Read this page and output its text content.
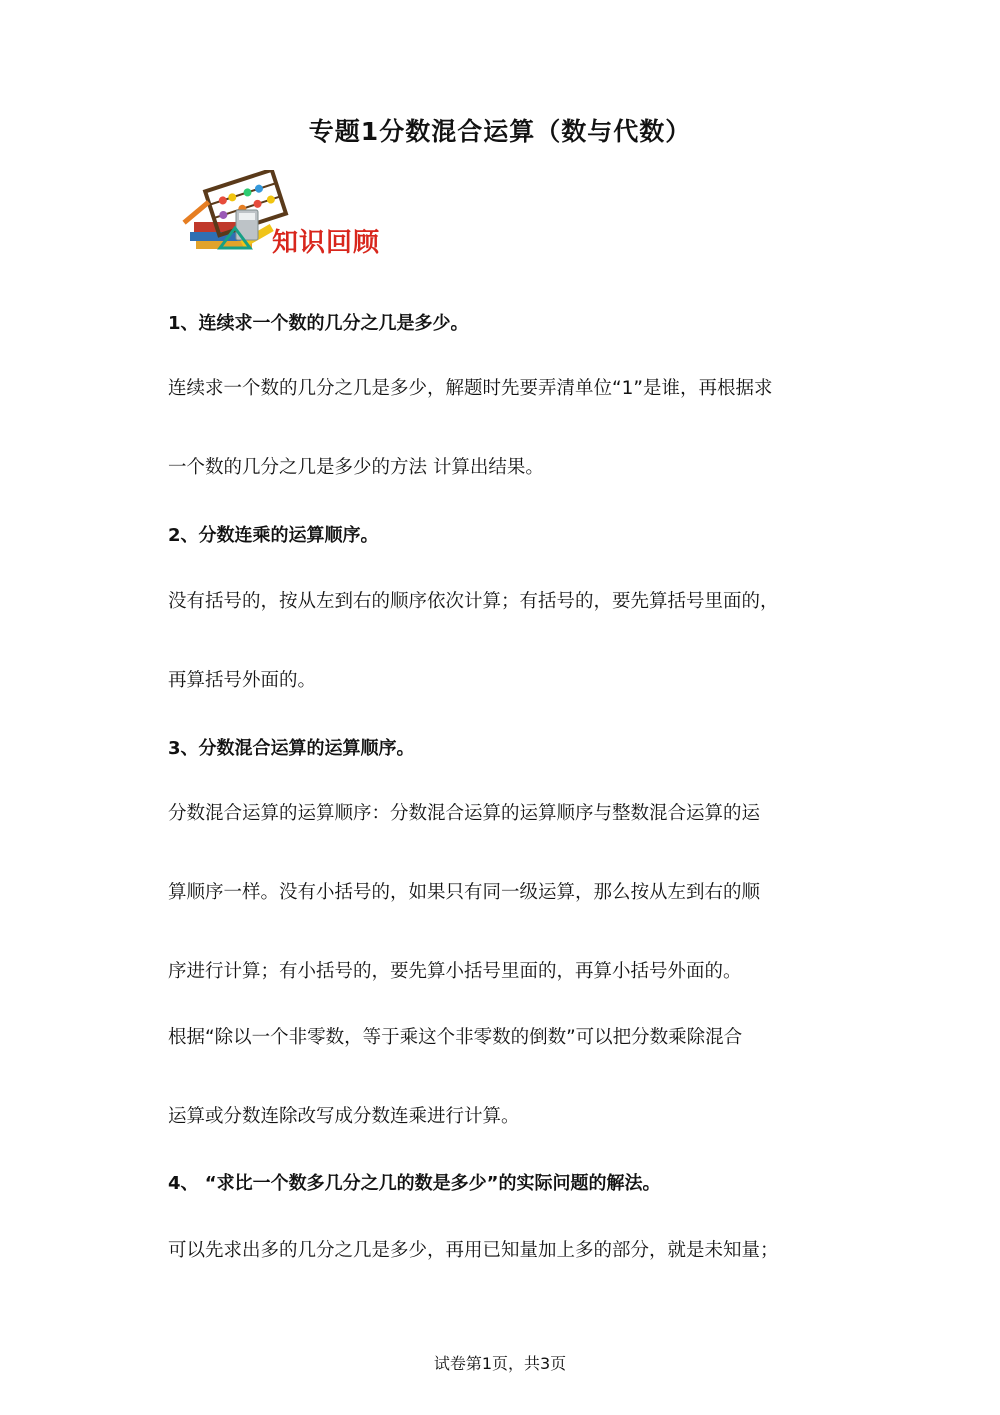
专题1分数混合运算（数与代数）
知识回顾
1、连续求一个数的几分之几是多少。
连续求一个数的几分之几是多少，解题时先要弄清单位“1”是谁，再根据求
一个数的几分之几是多少的方法 计算出结果。
2、分数连乘的运算顺序。
没有括号的，按从左到右的顺序依次计算；有括号的，要先算括号里面的，
再算括号外面的。
3、分数混合运算的运算顺序。
分数混合运算的运算顺序：分数混合运算的运算顺序与整数混合运算的运
算顺序一样。没有小括号的，如果只有同一级运算，那么按从左到右的顺
序进行计算；有小括号的，要先算小括号里面的，再算小括号外面的。
根据“除以一个非零数，等于乘这个非零数的倒数”可以把分数乘除混合
运算或分数连除改写成分数连乘进行计算。
4、 “求比一个数多几分之几的数是多少”的实际问题的解法。
可以先求出多的几分之几是多少，再用已知量加上多的部分，就是未知量；
试卷第1页，共3页
